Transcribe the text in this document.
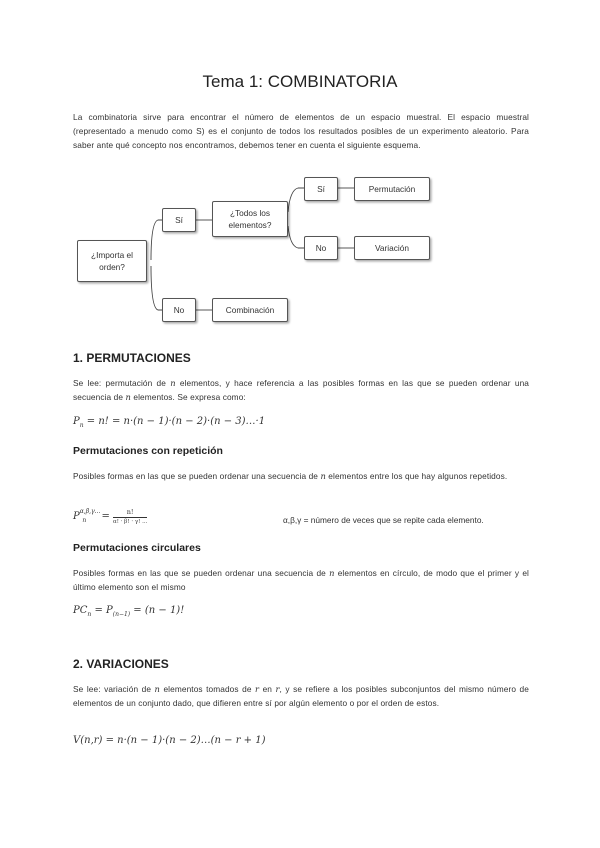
Tema 1: COMBINATORIA
La combinatoria sirve para encontrar el número de elementos de un espacio muestral. El espacio muestral (representado a menudo como S) es el conjunto de todos los resultados posibles de un experimento aleatorio. Para saber ante qué concepto nos encontramos, debemos tener en cuenta el siguiente esquema.
¿Importa el orden?
Sí
No
¿Todos los elementos?
Sí
No
Permutación
Variación
Combinación
1. PERMUTACIONES
Se lee: permutación de n elementos, y hace referencia a las posibles formas en las que se pueden ordenar una secuencia de n elementos. Se expresa como:
$P_n = n$! = n·(n − 1)·(n − 2)·(n − 3)…·1
Permutaciones con repetición
Posibles formas en las que se pueden ordenar una secuencia de n elementos entre los que hay algunos repetidos.
$P^{\alpha,\beta,\gamma...}_n = \frac{n!}{\alpha! \cdot \beta! \cdot \gamma! ...}$	α,β,γ = número de veces que se repite cada elemento.
Permutaciones circulares
Posibles formas en las que se pueden ordenar una secuencia de n elementos en círculo, de modo que el primer y el último elemento son el mismo
$PC_n = P_{(n-1)} = (n - 1)$!
2. VARIACIONES
Se lee: variación de n elementos tomados de r en r, y se refiere a los posibles subconjuntos del mismo número de elementos de un conjunto dado, que difieren entre sí por algún elemento o por el orden de estos.
V(n,r) = n·(n − 1)·(n − 2)…(n − r + 1)
